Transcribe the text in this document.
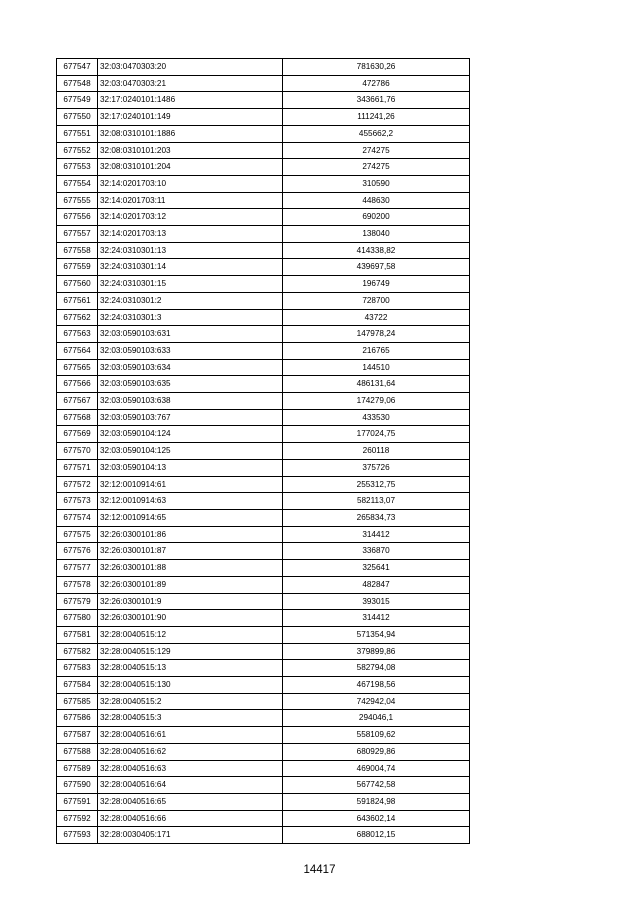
677547	32:03:0470303:20	781630,26
677548	32:03:0470303:21	472786
677549	32:17:0240101:1486	343661,76
677550	32:17:0240101:149	111241,26
677551	32:08:0310101:1886	455662,2
677552	32:08:0310101:203	274275
677553	32:08:0310101:204	274275
677554	32:14:0201703:10	310590
677555	32:14:0201703:11	448630
677556	32:14:0201703:12	690200
677557	32:14:0201703:13	138040
677558	32:24:0310301:13	414338,82
677559	32:24:0310301:14	439697,58
677560	32:24:0310301:15	196749
677561	32:24:0310301:2	728700
677562	32:24:0310301:3	43722
677563	32:03:0590103:631	147978,24
677564	32:03:0590103:633	216765
677565	32:03:0590103:634	144510
677566	32:03:0590103:635	486131,64
677567	32:03:0590103:638	174279,06
677568	32:03:0590103:767	433530
677569	32:03:0590104:124	177024,75
677570	32:03:0590104:125	260118
677571	32:03:0590104:13	375726
677572	32:12:0010914:61	255312,75
677573	32:12:0010914:63	582113,07
677574	32:12:0010914:65	265834,73
677575	32:26:0300101:86	314412
677576	32:26:0300101:87	336870
677577	32:26:0300101:88	325641
677578	32:26:0300101:89	482847
677579	32:26:0300101:9	393015
677580	32:26:0300101:90	314412
677581	32:28:0040515:12	571354,94
677582	32:28:0040515:129	379899,86
677583	32:28:0040515:13	582794,08
677584	32:28:0040515:130	467198,56
677585	32:28:0040515:2	742942,04
677586	32:28:0040515:3	294046,1
677587	32:28:0040516:61	558109,62
677588	32:28:0040516:62	680929,86
677589	32:28:0040516:63	469004,74
677590	32:28:0040516:64	567742,58
677591	32:28:0040516:65	591824,98
677592	32:28:0040516:66	643602,14
677593	32:28:0030405:171	688012,15
14417
